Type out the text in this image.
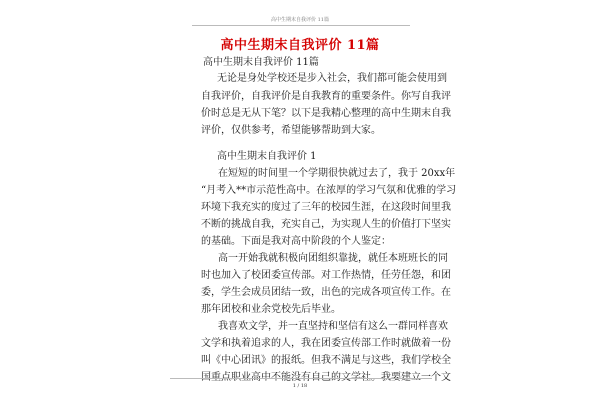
高中生期末自我评价 11篇
高中生期末自我评价 11篇
高中生期末自我评价 11篇
无论是身处学校还是步入社会，我们都可能会使用到
自我评价，自我评价是自我教育的重要条件。你写自我评
价时总是无从下笔？以下是我精心整理的高中生期末自我
评价，仅供参考，希望能够帮助到大家。
高中生期末自我评价 1
在短短的时间里一个学期很快就过去了，我于 20xx年
“月考入**市示范性高中。在浓厚的学习气氛和优雅的学习
环境下我充实的度过了三年的校园生涯，在这段时间里我
不断的挑战自我，充实自己，为实现人生的价值打下坚实
的基础。下面是我对高中阶段的个人鉴定：
高一开始我就积极向团组织靠拢，就任本班班长的同
时也加入了校团委宣传部。对工作热情，任劳任怨，和团
委，学生会成员团结一致，出色的完成各项宣传工作。在
那年团校和业余党校先后毕业。
我喜欢文学，并一直坚持和坚信有这么一群同样喜欢
文学和执着追求的人，我在团委宣传部工作时就做着一份
叫《中心团讯》的报纸。但我不满足与这些，我们学校全
国重点职业高中不能没有自己的文学社。我要建立一个文
1 / 18
